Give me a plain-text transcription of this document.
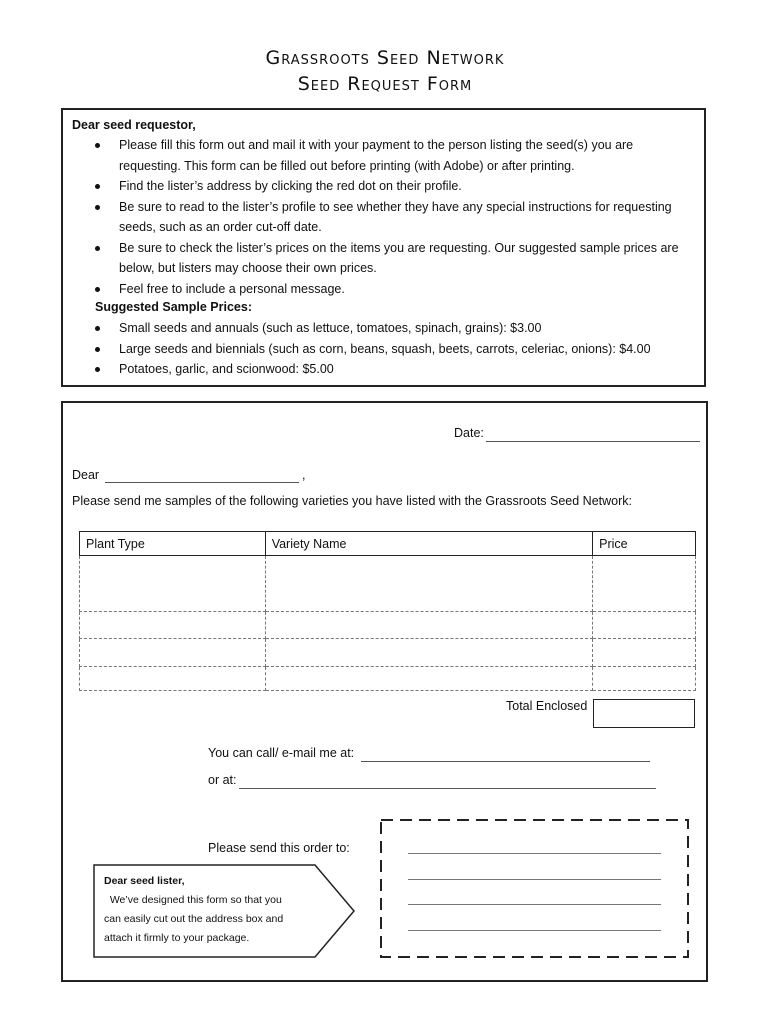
Grassroots Seed Network
Seed Request Form
Dear seed requestor,
Please fill this form out and mail it with your payment to the person listing the seed(s) you are requesting. This form can be filled out before printing (with Adobe) or after printing.
Find the lister’s address by clicking the red dot on their profile.
Be sure to read to the lister’s profile to see whether they have any special instructions for requesting seeds, such as an order cut-off date.
Be sure to check the lister’s prices on the items you are requesting. Our suggested sample prices are below, but listers may choose their own prices.
Feel free to include a personal message.
Suggested Sample Prices:
Small seeds and annuals (such as lettuce, tomatoes, spinach, grains): $3.00
Large seeds and biennials (such as corn, beans, squash, beets, carrots, celeriac, onions): $4.00
Potatoes, garlic, and scionwood: $5.00
Date:
Dear	,
Please send me samples of the following varieties you have listed with the Grassroots Seed Network:
Plant Type	Variety Name	Price

Total Enclosed
You can call/ e-mail me at:
or at:
Please send this order to:
Dear seed lister,
We’ve designed this form so that you
can easily cut out the address box and
attach it firmly to your package.
